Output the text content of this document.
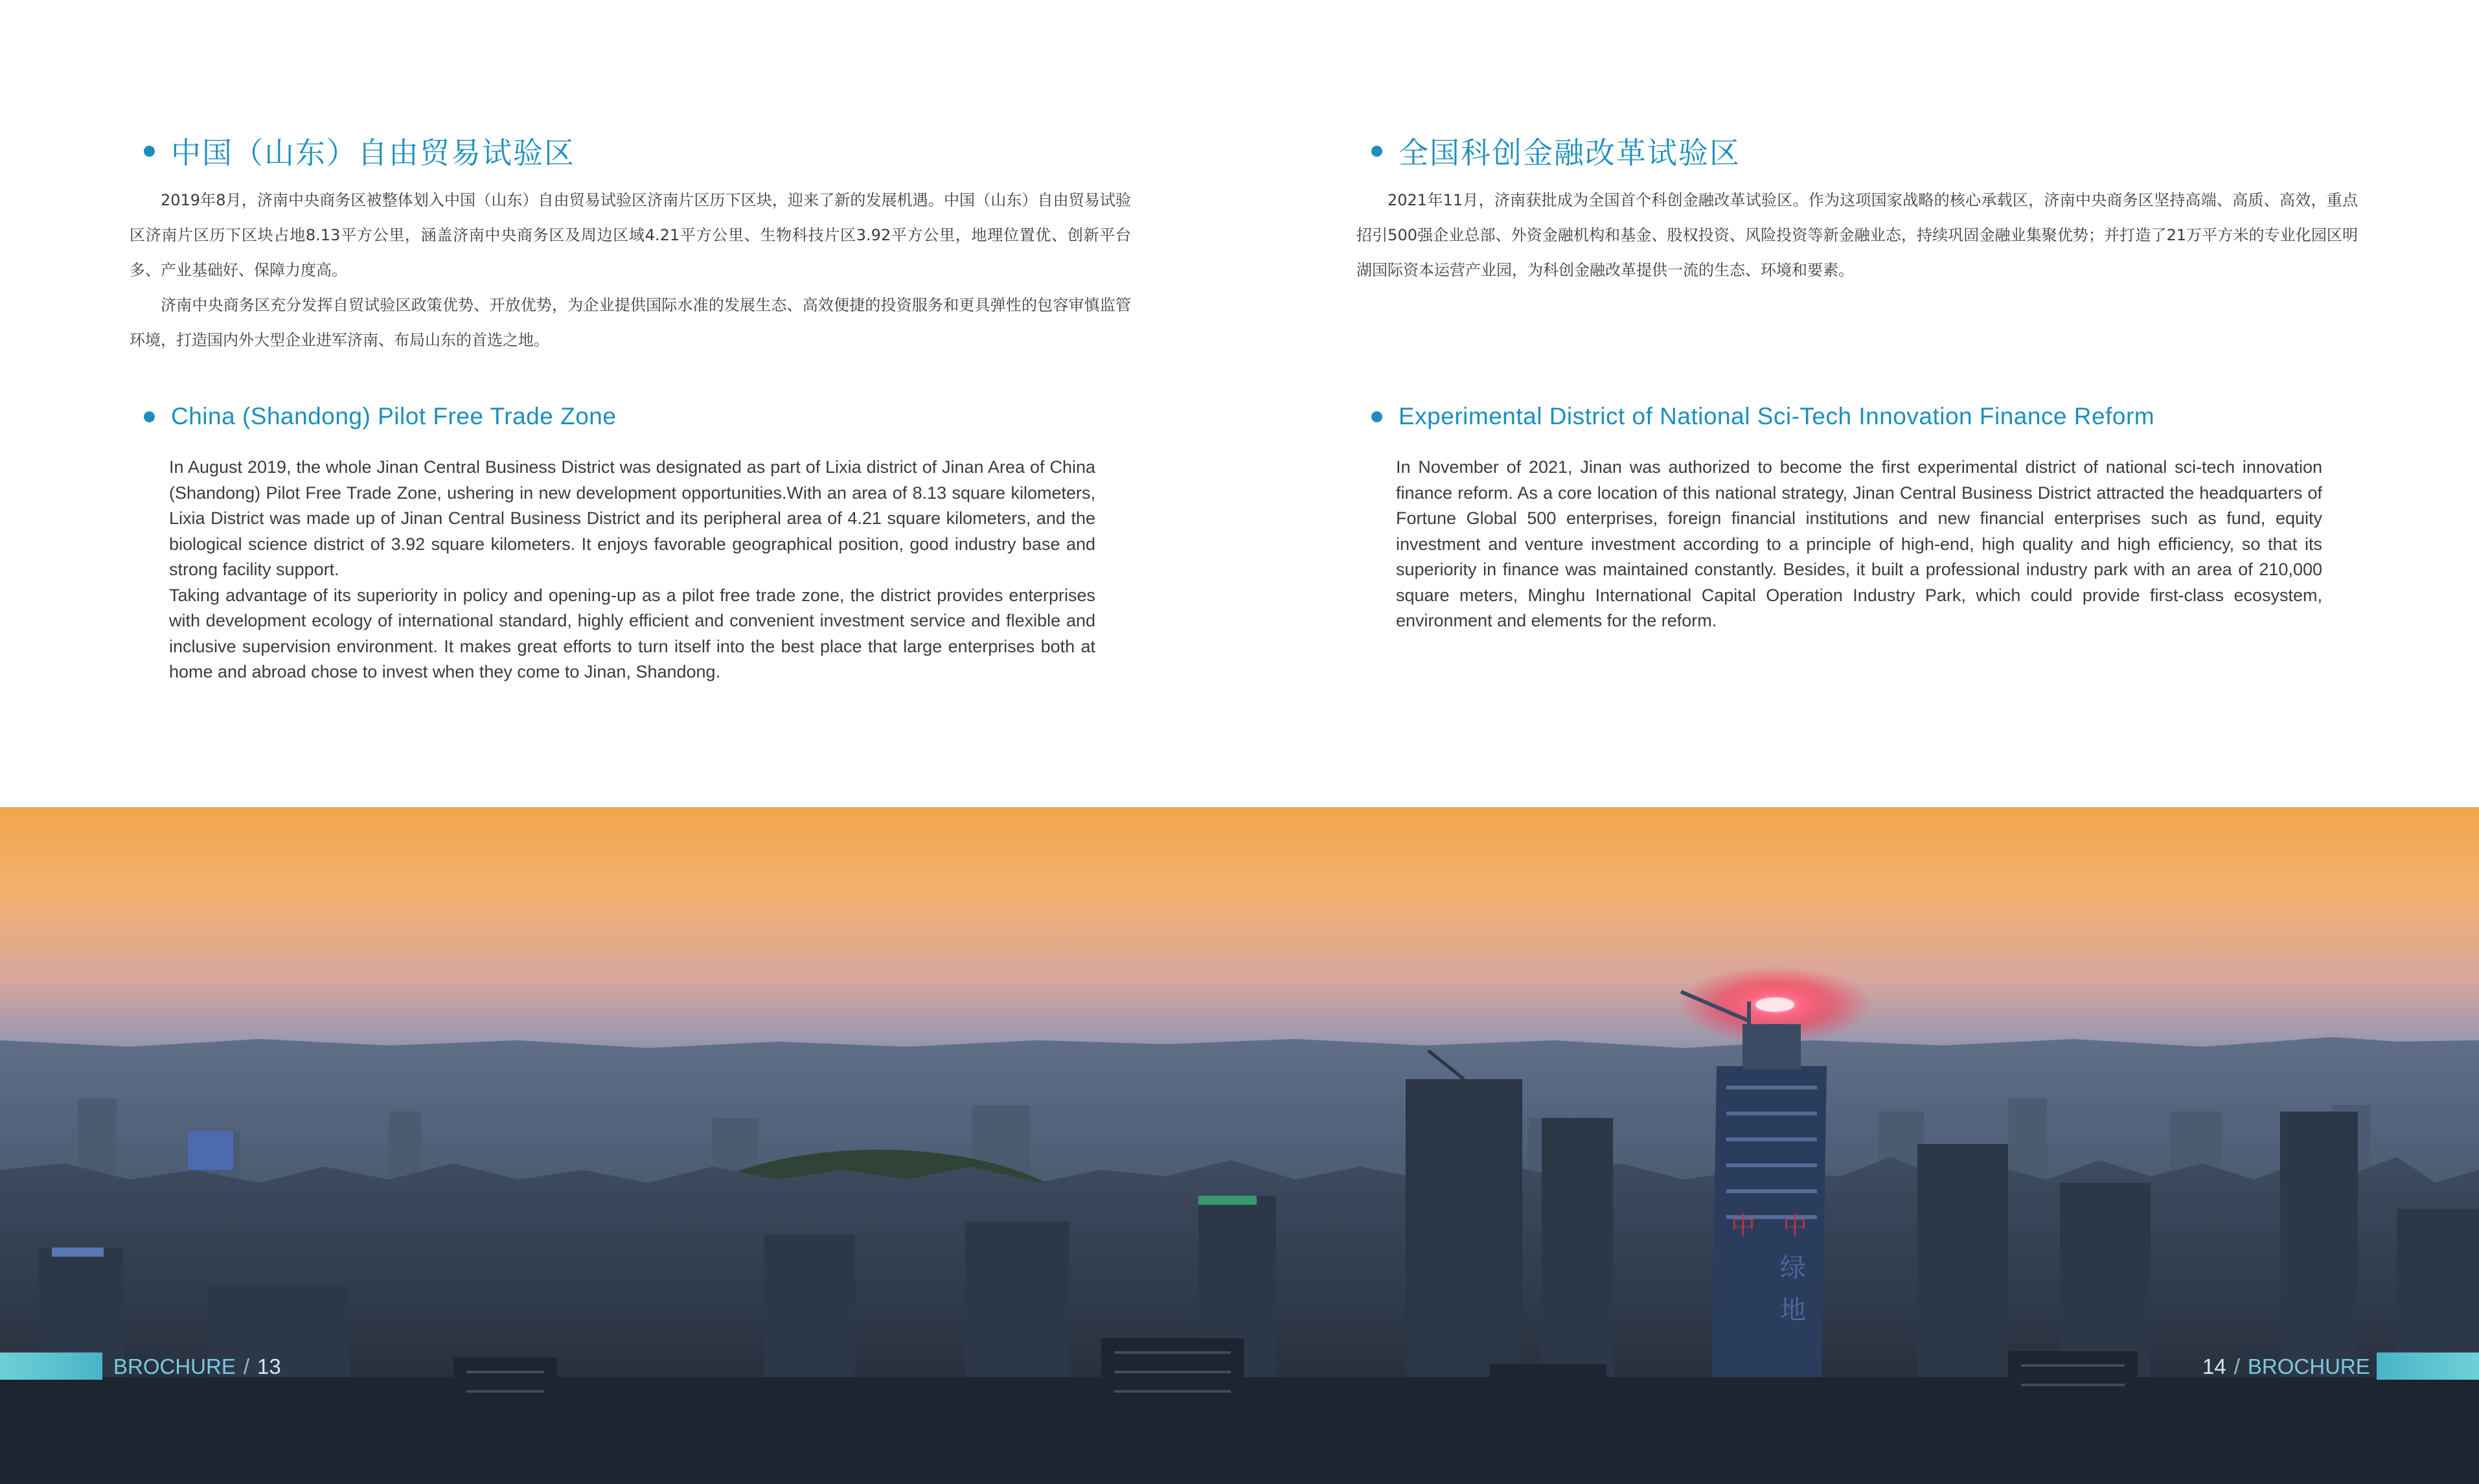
中国（山东）自由贸易试验区

2019年8月，济南中央商务区被整体划入中国（山东）自由贸易试验区济南片区历下区块，迎来了新的发展机遇。中国（山东）自由贸易试验区济南片区历下区块占地8.13平方公里，涵盖济南中央商务区及周边区域4.21平方公里、生物科技片区3.92平方公里，地理位置优、创新平台多、产业基础好、保障力度高。

济南中央商务区充分发挥自贸试验区政策优势、开放优势，为企业提供国际水准的发展生态、高效便捷的投资服务和更具弹性的包容审慎监管环境，打造国内外大型企业进军济南、布局山东的首选之地。

China (Shandong) Pilot Free Trade Zone

In August 2019, the whole Jinan Central Business District was designated as part of Lixia district of Jinan Area of China (Shandong) Pilot Free Trade Zone, ushering in new development opportunities.With an area of 8.13 square kilometers, Lixia District was made up of Jinan Central Business District and its peripheral area of 4.21 square kilometers, and the biological science district of 3.92 square kilometers. It enjoys favorable geographical position, good industry base and strong facility support.

Taking advantage of its superiority in policy and opening-up as a pilot free trade zone, the district provides enterprises with development ecology of international standard, highly efficient and convenient investment service and flexible and inclusive supervision environment. It makes great efforts to turn itself into the best place that large enterprises both at home and abroad chose to invest when they come to Jinan, Shandong.

全国科创金融改革试验区

2021年11月，济南获批成为全国首个科创金融改革试验区。作为这项国家战略的核心承载区，济南中央商务区坚持高端、高质、高效，重点招引500强企业总部、外资金融机构和基金、股权投资、风险投资等新金融业态，持续巩固金融业集聚优势；并打造了21万平方米的专业化园区明湖国际资本运营产业园，为科创金融改革提供一流的生态、环境和要素。

Experimental District of National Sci-Tech Innovation Finance Reform

In November of 2021, Jinan was authorized to become the first experimental district of national sci-tech innovation finance reform. As a core location of this national strategy, Jinan Central Business District attracted the headquarters of Fortune Global 500 enterprises, foreign financial institutions and new financial enterprises such as fund, equity investment and venture investment according to a principle of high-end, high quality and high efficiency, so that its superiority in finance was maintained constantly. Besides, it built a professional industry park with an area of 210,000 square meters, Minghu International Capital Operation Industry Park, which could provide first-class ecosystem, environment and elements for the reform.

中 中
绿
地
BROCHURE / 13	14 / BROCHURE
